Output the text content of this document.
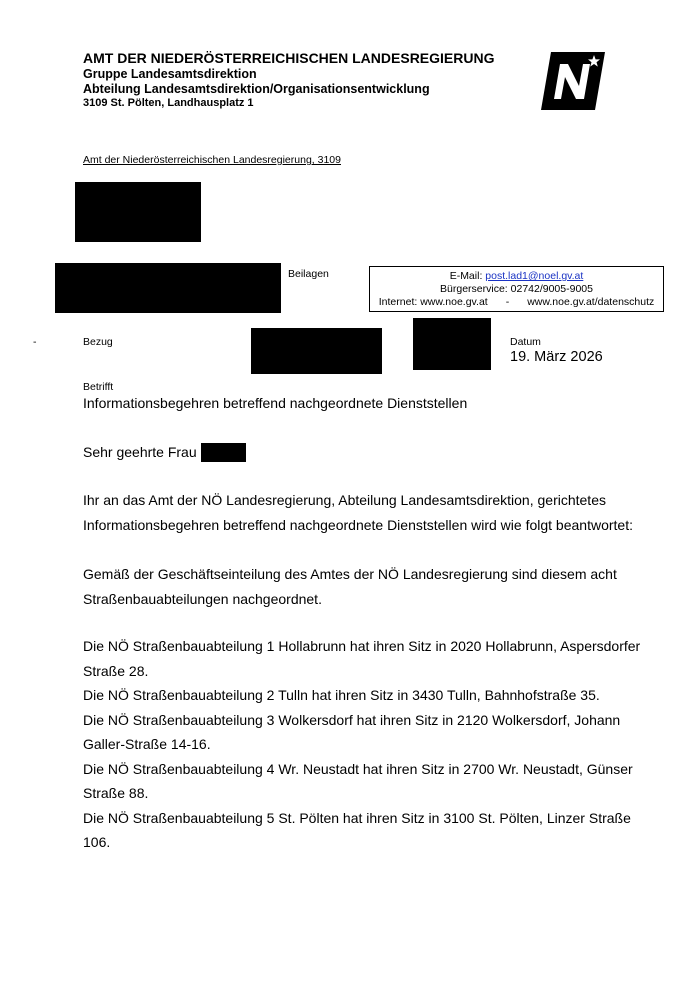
AMT DER NIEDERÖSTERREICHISCHEN LANDESREGIERUNG
Gruppe Landesamtsdirektion
Abteilung Landesamtsdirektion/Organisationsentwicklung
3109 St. Pölten, Landhausplatz 1
Amt der Niederösterreichischen Landesregierung, 3109
Beilagen
-	Bezug	Datum
Betrifft
E-Mail: post.lad1@noel.gv.at
Bürgerservice: 02742/9005-9005
Internet: www.noe.gv.at - www.noe.gv.at/datenschutz
19. März 2026
Informationsbegehren betreffend nachgeordnete Dienststellen
Sehr geehrte Frau

Ihr an das Amt der NÖ Landesregierung, Abteilung Landesamtsdirektion, gerichtetes Informationsbegehren betreffend nachgeordnete Dienststellen wird wie folgt beantwortet:

Gemäß der Geschäftseinteilung des Amtes der NÖ Landesregierung sind diesem acht Straßenbauabteilungen nachgeordnet.

Die NÖ Straßenbauabteilung 1 Hollabrunn hat ihren Sitz in 2020 Hollabrunn, Aspersdorfer Straße 28.

Die NÖ Straßenbauabteilung 2 Tulln hat ihren Sitz in 3430 Tulln, Bahnhofstraße 35.

Die NÖ Straßenbauabteilung 3 Wolkersdorf hat ihren Sitz in 2120 Wolkersdorf, Johann Galler-Straße 14-16.

Die NÖ Straßenbauabteilung 4 Wr. Neustadt hat ihren Sitz in 2700 Wr. Neustadt, Günser Straße 88.

Die NÖ Straßenbauabteilung 5 St. Pölten hat ihren Sitz in 3100 St. Pölten, Linzer Straße 106.
